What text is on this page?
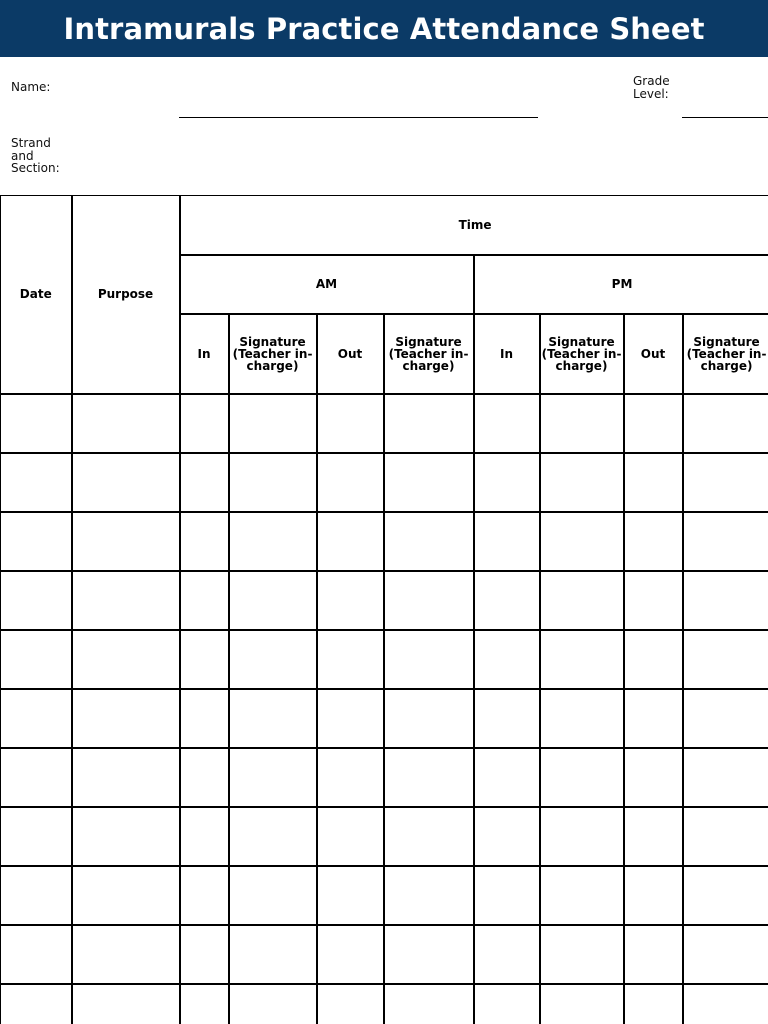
Intramurals Practice Attendance Sheet
Name:	Grade Level:
Strand and Section:
Date	Purpose	Time							
		AM				PM			
		In	Signature (Teacher in-charge)	Out	Signature (Teacher in-charge)	In	Signature (Teacher in-charge)	Out	Signature (Teacher in-charge)
